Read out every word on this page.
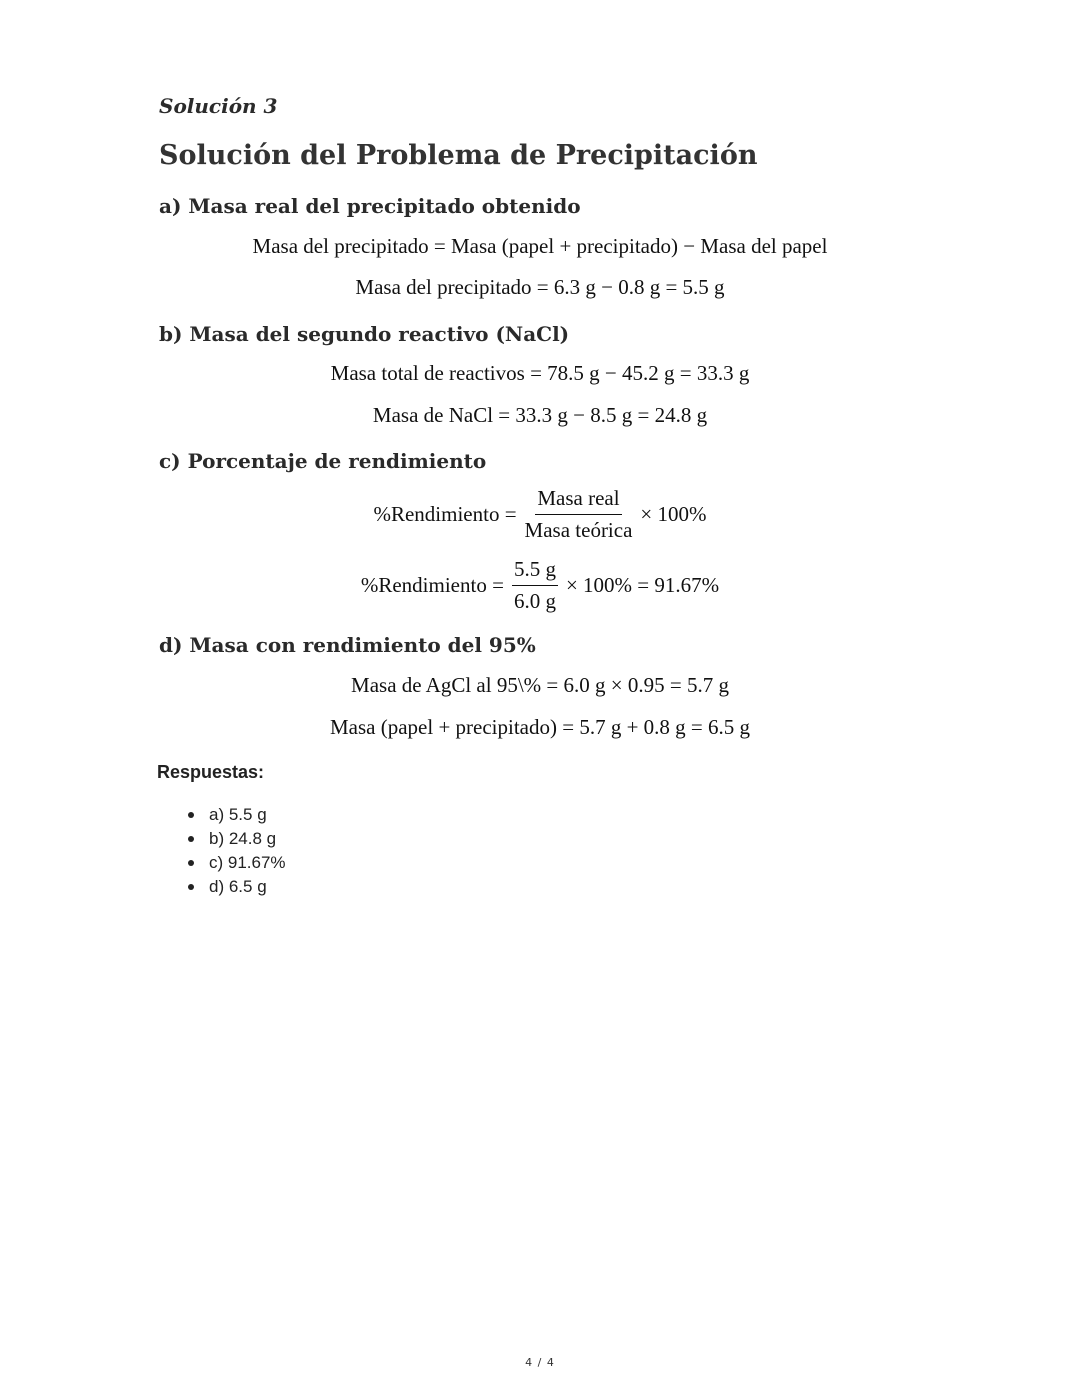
Solución 3
Solución del Problema de Precipitación
a) Masa real del precipitado obtenido
Masa del precipitado = Masa (papel + precipitado) − Masa del papel
Masa del precipitado = 6.3 g − 0.8 g = 5.5 g
b) Masa del segundo reactivo (NaCl)
Masa total de reactivos = 78.5 g − 45.2 g = 33.3 g
Masa de NaCl = 33.3 g − 8.5 g = 24.8 g
c) Porcentaje de rendimiento
%Rendimiento = $\frac{\text{Masa real}}{\text{Masa teórica}} \times 100\%$
%Rendimiento = $\frac{5.5 g}{6.0 g} \times 100\% = 91.67\%$
d) Masa con rendimiento del 95%
Masa de AgCl al 95\% = 6.0 g × 0.95 = 5.7 g
Masa (papel + precipitado) = 5.7 g + 0.8 g = 6.5 g
Respuestas:
a) 5.5 g
b) 24.8 g
c) 91.67%
d) 6.5 g
4 / 4
